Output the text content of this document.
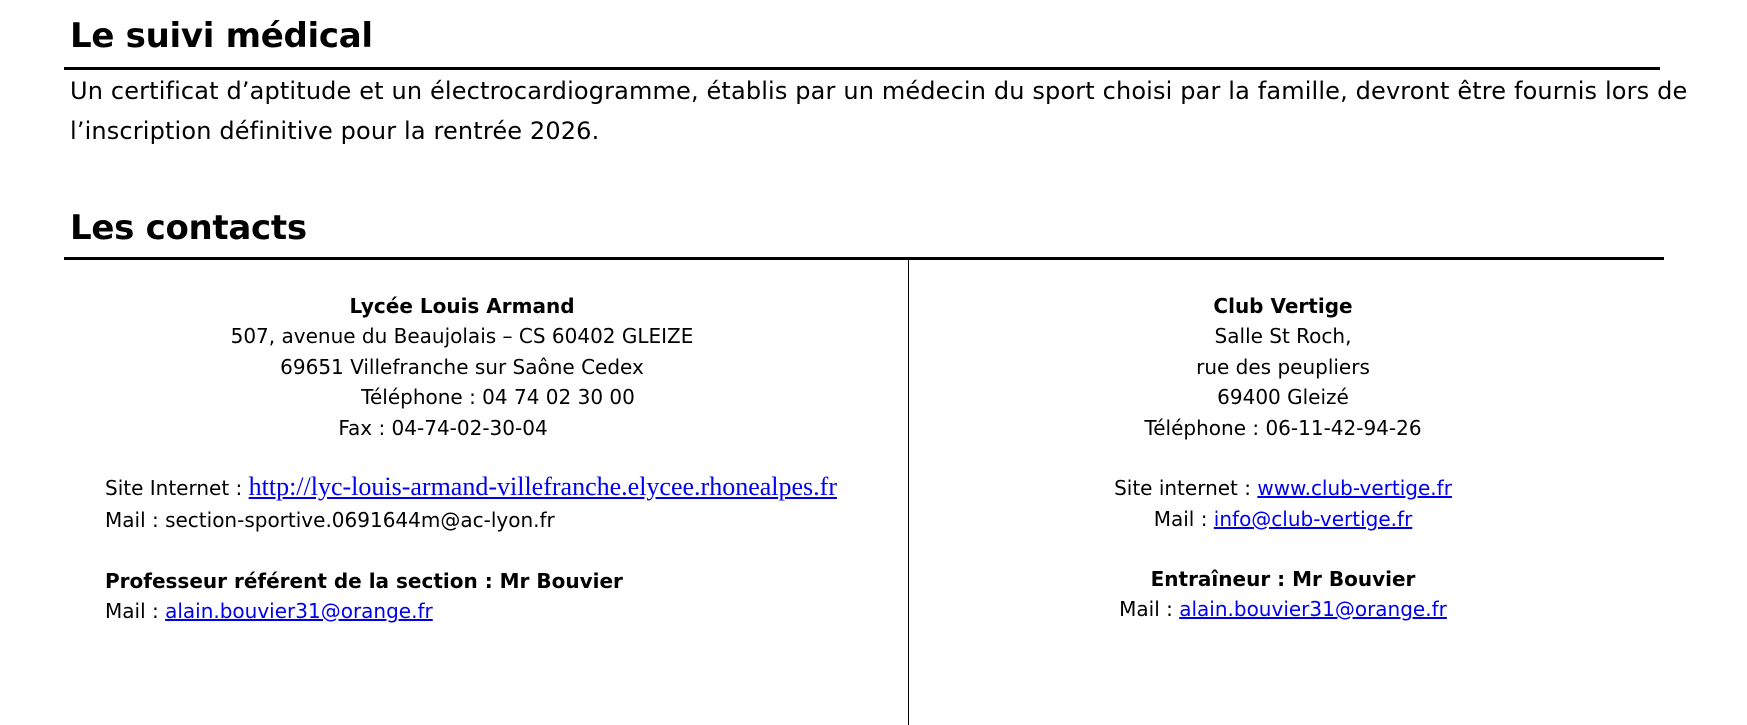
Le suivi médical

Un certificat d’aptitude et un électrocardiogramme, établis par un médecin du sport choisi par la famille, devront être fournis lors de l’inscription définitive pour la rentrée 2026.

Les contacts
Lycée Louis Armand
507, avenue du Beaujolais – CS 60402 GLEIZE
69651 Villefranche sur Saône Cedex
Téléphone : 04 74 02 30 00
Fax : 04-74-02-30-04
Site Internet : http://lyc-louis-armand-villefranche.elycee.rhonealpes.fr
Mail : section-sportive.0691644m@ac-lyon.fr
Professeur référent de la section : Mr Bouvier
Mail : alain.bouvier31@orange.fr
Club Vertige
Salle St Roch,
rue des peupliers
69400 Gleizé
Téléphone : 06-11-42-94-26
Site internet : www.club-vertige.fr
Mail : info@club-vertige.fr
Entraîneur : Mr Bouvier
Mail : alain.bouvier31@orange.fr
